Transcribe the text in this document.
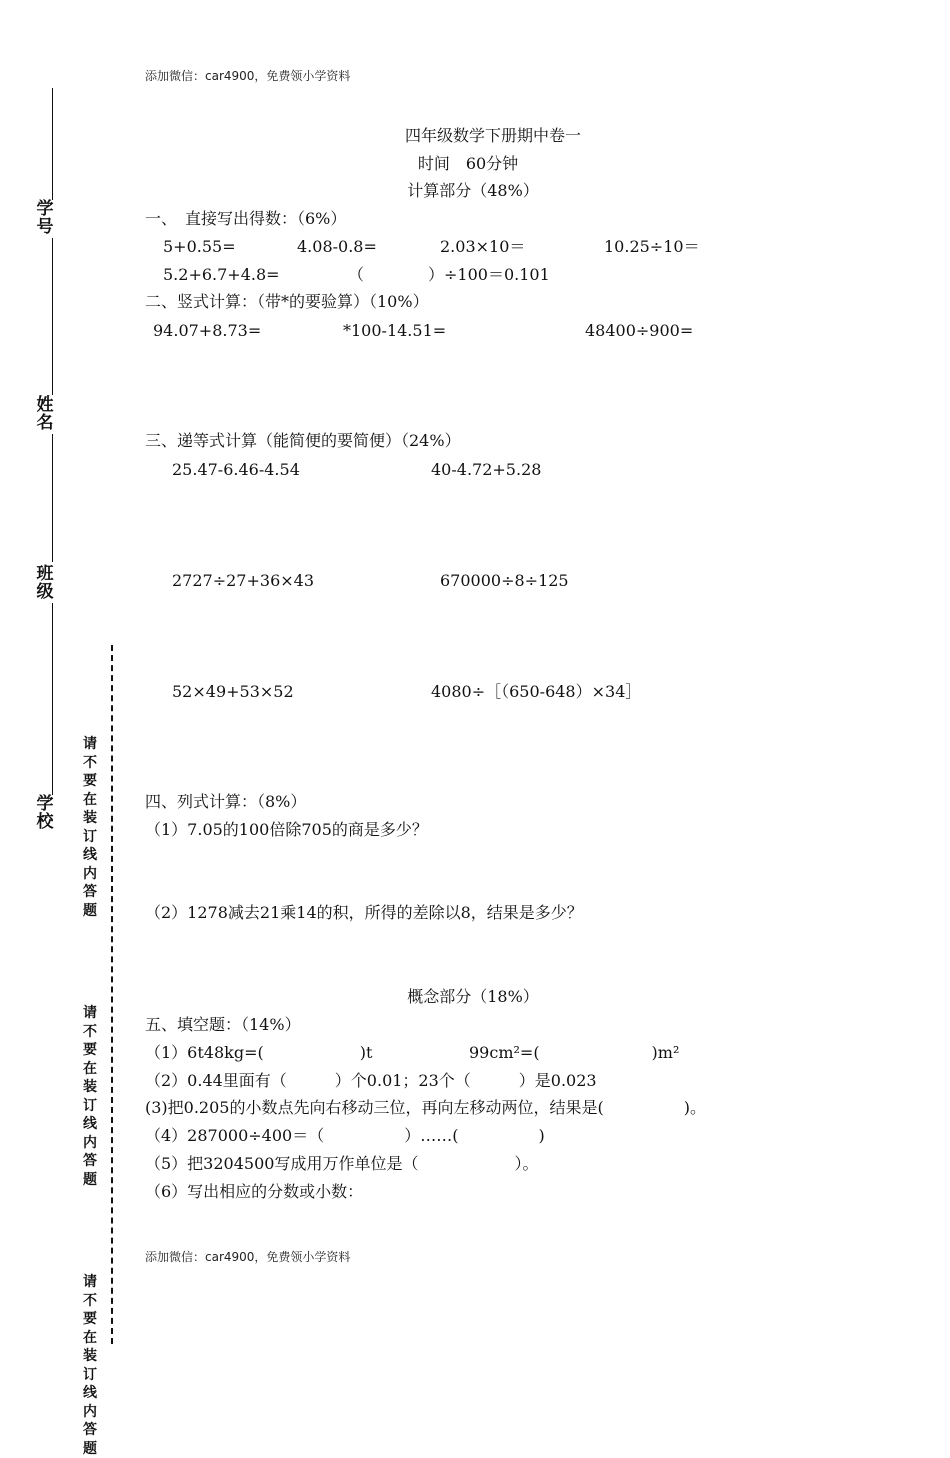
学号
姓名
班级
学校
请不要在装订线内答题
请不要在装订线内答题
请不要在装订线内答题
添加微信：car4900，免费领小学资料
添加微信：car4900，免费领小学资料
四年级数学下册期中卷一
时间　60分钟
计算部分（48%）
一、　直接写出得数：（6%）
5+0.55=	4.08-0.8=	2.03×10＝	10.25÷10＝
5.2+6.7+4.8=	（　　　　）÷100＝0.101
二、竖式计算：（带*的要验算）（10%）
94.07+8.73=	*100-14.51=	48400÷900=
三、递等式计算（能简便的要简便）（24%）
25.47-6.46-4.54	40-4.72+5.28
2727÷27+36×43	670000÷8÷125
52×49+53×52	4080÷［（650-648）×34］
四、列式计算：（8%）
（1）7.05的100倍除705的商是多少？
（2）1278减去21乘14的积，所得的差除以8，结果是多少？
概念部分（18%）
五、填空题：（14%）
（1）6t48kg=(　　　　　　)t	99cm²=(　　　　　　　)m²
（2）0.44里面有（　　　）个0.01；23个（　　　）是0.023
(3)把0.205的小数点先向右移动三位，再向左移动两位，结果是(　　　　　)。
（4）287000÷400＝（　　　　　）……(　　　　　)
（5）把3204500写成用万作单位是（　　　　　　）。
（6）写出相应的分数或小数：
